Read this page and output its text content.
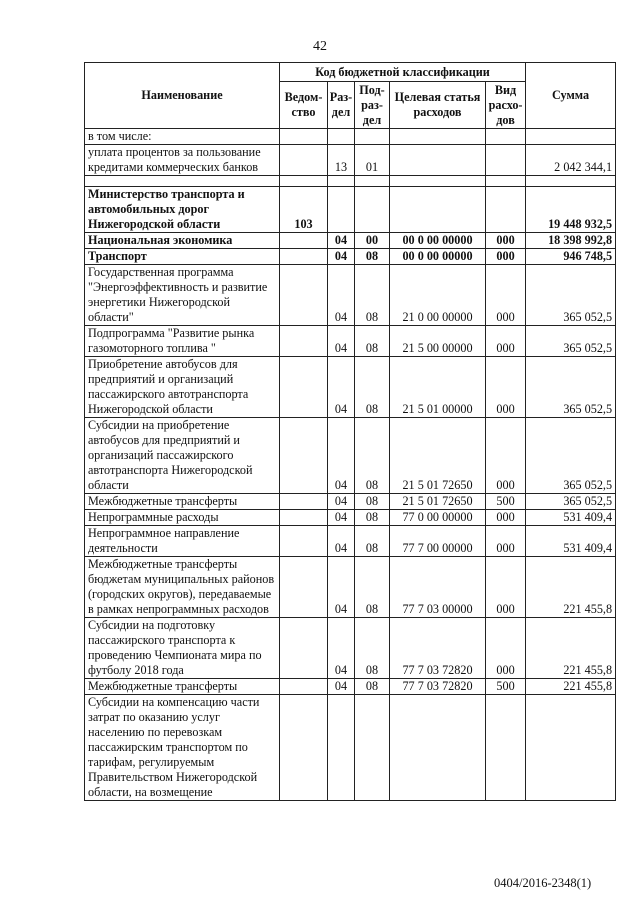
42
Наименование	Код бюджетной классификации					Сумма
	Ведом-ство	Раз-дел	Под-раз-дел	Целевая статья расходов	Вид расхо-дов	
в том числе:						
уплата процентов за пользование кредитами коммерческих банков		13	01			2 042 344,1

Министерство транспорта и автомобильных дорог Нижегородской области	103					19 448 932,5
Национальная экономика		04	00	00 0 00 00000	000	18 398 992,8
Транспорт		04	08	00 0 00 00000	000	946 748,5
Государственная программа "Энергоэффективность и развитие энергетики Нижегородской области"		04	08	21 0 00 00000	000	365 052,5
Подпрограмма "Развитие рынка газомоторного топлива "		04	08	21 5 00 00000	000	365 052,5
Приобретение автобусов для предприятий и организаций пассажирского автотранспорта Нижегородской области		04	08	21 5 01 00000	000	365 052,5
Субсидии на приобретение автобусов для предприятий и организаций пассажирского автотранспорта Нижегородской области		04	08	21 5 01 72650	000	365 052,5
Межбюджетные трансферты		04	08	21 5 01 72650	500	365 052,5
Непрограммные расходы		04	08	77 0 00 00000	000	531 409,4
Непрограммное направление деятельности		04	08	77 7 00 00000	000	531 409,4
Межбюджетные трансферты бюджетам муниципальных районов (городских округов), передаваемые в рамках непрограммных расходов		04	08	77 7 03 00000	000	221 455,8
Субсидии на подготовку пассажирского транспорта к проведению Чемпионата мира по футболу 2018 года		04	08	77 7 03 72820	000	221 455,8
Межбюджетные трансферты		04	08	77 7 03 72820	500	221 455,8
Субсидии на компенсацию части затрат по оказанию услуг населению по перевозкам пассажирским транспортом по тарифам, регулируемым Правительством Нижегородской области, на возмещение						
0404/2016-2348(1)
